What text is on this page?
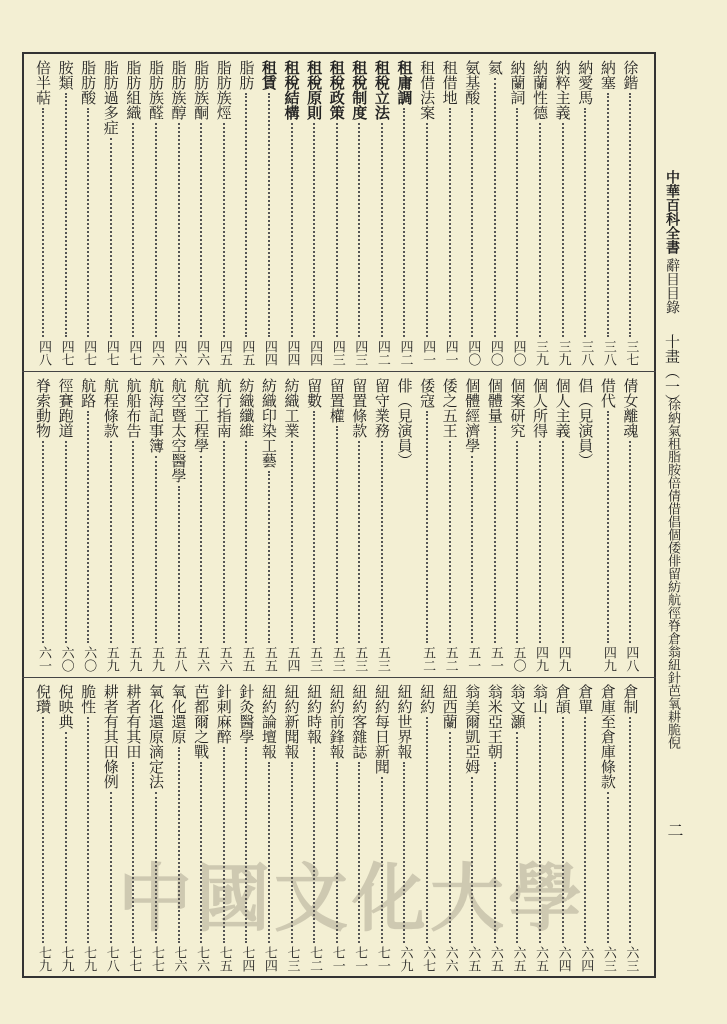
徐鍇
三七
納塞
三八
納愛馬
三八
納粹主義
三九
納蘭性德
三九
納蘭詞
四〇
氦
四〇
氨基酸
四〇
租借地
四一
租借法案
四一
租庸調
四二
租稅立法
四二
租稅制度
四三
租稅政策
四三
租稅原則
四四
租稅結構
四四
租賃
四四
脂肪
四五
脂肪族烴
四五
脂肪族酮
四六
脂肪族醇
四六
脂肪族醛
四六
脂肪組織
四七
脂肪過多症
四七
脂肪酸
四七
胺類
四七
倍半萜
四八
倩女離魂
四八
借代
四九
倡（見演員）
個人主義
四九
個人所得
四九
個案研究
五〇
個體量
五一
個體經濟學
五一
倭之五王
五二
倭寇
五二
俳（見演員）
留守業務
五三
留置條款
五三
留置權
五三
留數
五三
紡織工業
五四
紡織印染工藝
五五
紡織纖維
五五
航行指南
五六
航空工程學
五六
航空暨太空醫學
五八
航海記事簿
五九
航船布告
五九
航程條款
五九
航路
六〇
徑賽跑道
六〇
脊索動物
六一
倉制
六三
倉庫至倉庫條款
六三
倉單
六四
倉頡
六四
翁山
六五
翁文灝
六五
翁米亞王朝
六五
翁美爾凱亞姆
六五
紐西蘭
六六
紐約
六七
紐約世界報
六九
紐約每日新聞
七一
紐約客雜誌
七一
紐約前鋒報
七一
紐約時報
七二
紐約新聞報
七三
紐約論壇報
七四
針灸醫學
七四
針刺麻醉
七五
芭都爾之戰
七六
氧化還原
七六
氧化還原滴定法
七七
耕者有其田
七七
耕者有其田條例
七八
脆性
七九
倪映典
七九
倪瓚
七九
中華百科全書
辭目目錄
十畫（一）
徐納氣租脂胺倍倩借倡個倭俳留紡航徑脊倉翁紐針芭氧耕脆倪
二
中國文化大學
